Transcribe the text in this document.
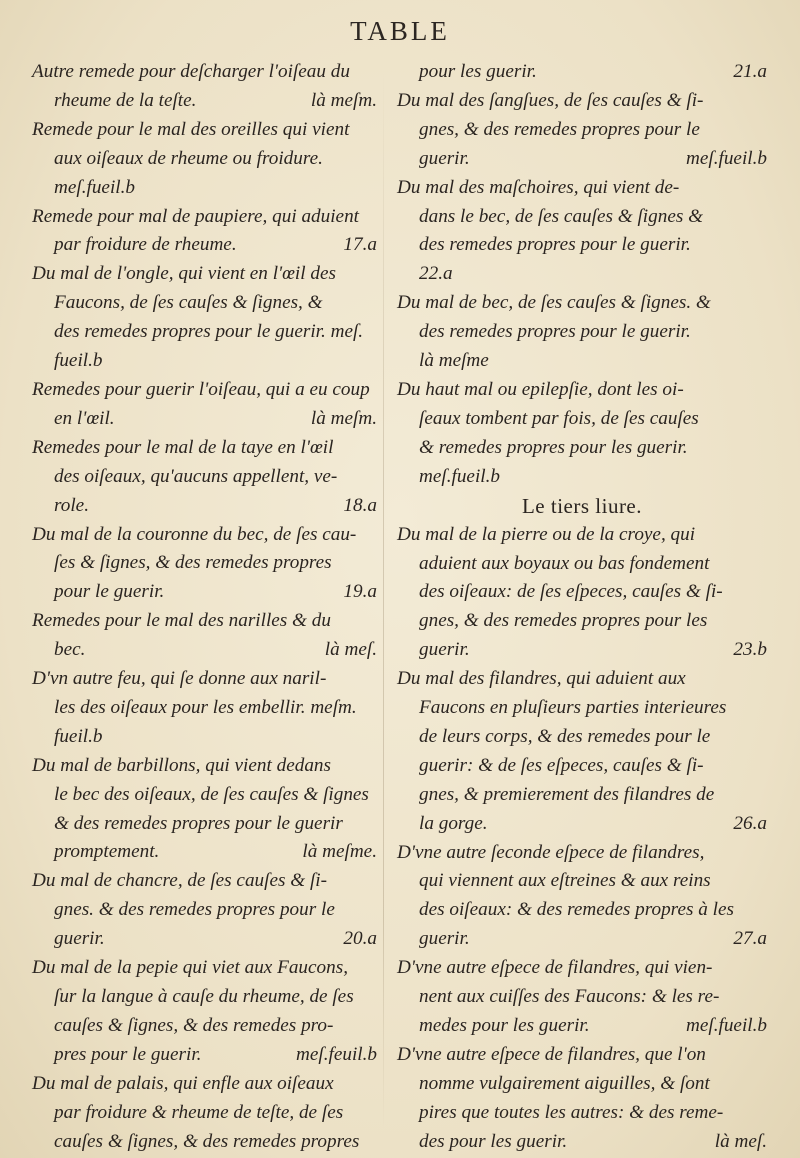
TABLE
Autre remede pour deſcharger l'oiſeau du
rheume de la teſte.	là meſm.
Remede pour le mal des oreilles qui vient
aux oiſeaux de rheume ou froidure.
meſ.fueil.b
Remede pour mal de paupiere, qui aduient
par froidure de rheume.	17.a
Du mal de l'ongle, qui vient en l'œil des
Faucons, de ſes cauſes & ſignes, &
des remedes propres pour le guerir. meſ.
fueil.b
Remedes pour guerir l'oiſeau, qui a eu coup
en l'œil.	là meſm.
Remedes pour le mal de la taye en l'œil
des oiſeaux, qu'aucuns appellent, ve-
role.	18.a
Du mal de la couronne du bec, de ſes cau-
ſes & ſignes, & des remedes propres
pour le guerir.	19.a
Remedes pour le mal des narilles & du
bec.	là meſ.
D'vn autre feu, qui ſe donne aux naril-
les des oiſeaux pour les embellir. meſm.
fueil.b
Du mal de barbillons, qui vient dedans
le bec des oiſeaux, de ſes cauſes & ſignes
& des remedes propres pour le guerir
promptement.	là meſme.
Du mal de chancre, de ſes cauſes & ſi-
gnes. & des remedes propres pour le
guerir.	20.a
Du mal de la pepie qui viet aux Faucons,
ſur la langue à cauſe du rheume, de ſes
cauſes & ſignes, & des remedes pro-
pres pour le guerir.	meſ.feuil.b
Du mal de palais, qui enfle aux oiſeaux
par froidure & rheume de teſte, de ſes
cauſes & ſignes, & des remedes propres
pour les guerir.	21.a
Du mal des ſangſues, de ſes cauſes & ſi-
gnes, & des remedes propres pour le
guerir.	meſ.fueil.b
Du mal des maſchoires, qui vient de-
dans le bec, de ſes cauſes & ſignes &
des remedes propres pour le guerir.
22.a
Du mal de bec, de ſes cauſes & ſignes. &
des remedes propres pour le guerir.
là meſme
Du haut mal ou epilepſie, dont les oi-
ſeaux tombent par fois, de ſes cauſes
& remedes propres pour les guerir.
meſ.fueil.b
Le tiers liure.
Du mal de la pierre ou de la croye, qui
aduient aux boyaux ou bas fondement
des oiſeaux: de ſes eſpeces, cauſes & ſi-
gnes, & des remedes propres pour les
guerir.	23.b
Du mal des filandres, qui aduient aux
Faucons en pluſieurs parties interieures
de leurs corps, & des remedes pour le
guerir: & de ſes eſpeces, cauſes & ſi-
gnes, & premierement des filandres de
la gorge.	26.a
D'vne autre ſeconde eſpece de filandres,
qui viennent aux eſtreines & aux reins
des oiſeaux: & des remedes propres à les
guerir.	27.a
D'vne autre eſpece de filandres, qui vien-
nent aux cuiſſes des Faucons: & les re-
medes pour les guerir.	meſ.fueil.b
D'vne autre eſpece de filandres, que l'on
nomme vulgairement aiguilles, & ſont
pires que toutes les autres: & des reme-
des pour les guerir.	là meſ.
